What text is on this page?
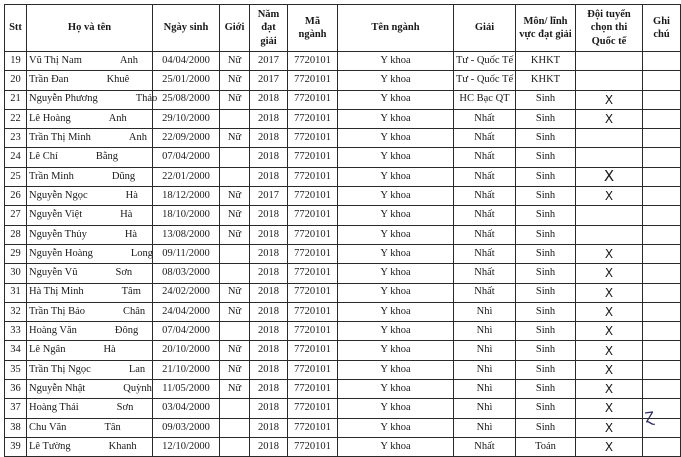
Stt	Họ và tên	Ngày sinh	Giới	Năm đạt giải	Mã ngành	Tên ngành	Giải	Môn/ lĩnh vực đạt giải	Đội tuyển chọn thi Quốc tế	Ghi chú
19	Vũ Thị Nam Anh	04/04/2000	Nữ	2017	7720101	Y khoa	Tư - Quốc Tế	KHKT		
20	Trần Đan Khuê	25/01/2000	Nữ	2017	7720101	Y khoa	Tư - Quốc Tế	KHKT		
21	Nguyễn Phương Thảo	25/08/2000	Nữ	2018	7720101	Y khoa	HC Bạc QT	Sinh	X	
22	Lê Hoàng Anh	29/10/2000		2018	7720101	Y khoa	Nhất	Sinh	X	
23	Trần Thị Minh Anh	22/09/2000	Nữ	2018	7720101	Y khoa	Nhất	Sinh		
24	Lê Chí Bằng	07/04/2000		2018	7720101	Y khoa	Nhất	Sinh		
25	Trần Minh Dũng	22/01/2000		2018	7720101	Y khoa	Nhất	Sinh	X	
26	Nguyễn Ngọc Hà	18/12/2000	Nữ	2017	7720101	Y khoa	Nhất	Sinh	X	
27	Nguyễn Việt Hà	18/10/2000	Nữ	2018	7720101	Y khoa	Nhất	Sinh		
28	Nguyễn Thủy Hà	13/08/2000	Nữ	2018	7720101	Y khoa	Nhất	Sinh		
29	Nguyễn Hoàng Long	09/11/2000		2018	7720101	Y khoa	Nhất	Sinh	X	
30	Nguyễn Vũ Sơn	08/03/2000		2018	7720101	Y khoa	Nhất	Sinh	X	
31	Hà Thị Minh Tâm	24/02/2000	Nữ	2018	7720101	Y khoa	Nhất	Sinh	X	
32	Trần Thị Bảo Chân	24/04/2000	Nữ	2018	7720101	Y khoa	Nhì	Sinh	X	
33	Hoàng Văn Đông	07/04/2000		2018	7720101	Y khoa	Nhì	Sinh	X	
34	Lê Ngân Hà	20/10/2000	Nữ	2018	7720101	Y khoa	Nhì	Sinh	X	
35	Trần Thị Ngọc Lan	21/10/2000	Nữ	2018	7720101	Y khoa	Nhì	Sinh	X	
36	Nguyễn Nhật Quỳnh	11/05/2000	Nữ	2018	7720101	Y khoa	Nhì	Sinh	X	
37	Hoàng Thái Sơn	03/04/2000		2018	7720101	Y khoa	Nhì	Sinh	X	
38	Chu Văn Tân	09/03/2000		2018	7720101	Y khoa	Nhì	Sinh	X	
39	Lê Tường Khanh	12/10/2000		2018	7720101	Y khoa	Nhất	Toán	X	
Ɀ
